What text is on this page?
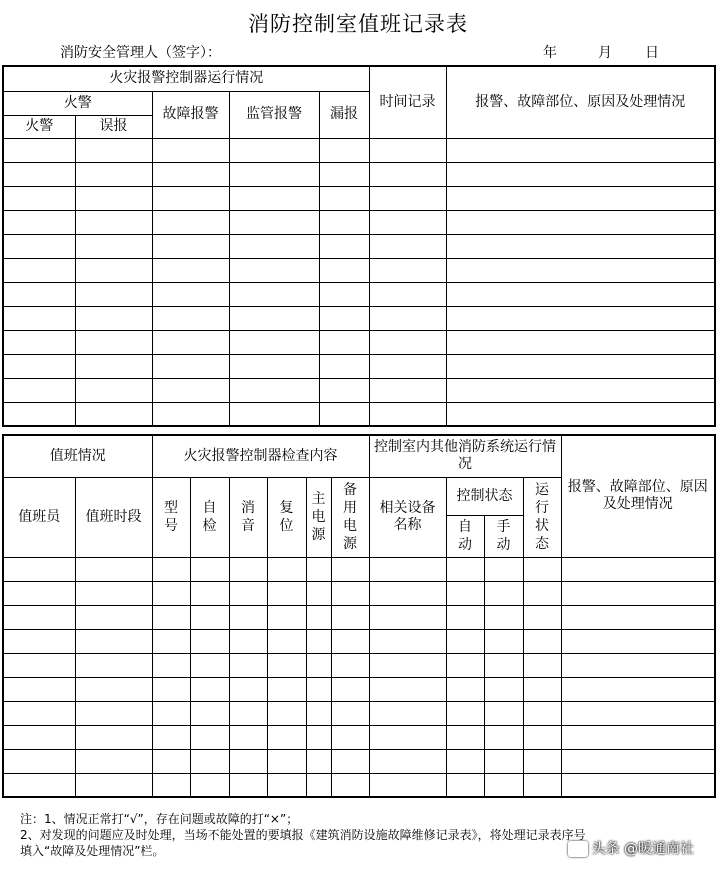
消防控制室值班记录表
消防安全管理人（签字）：	年	月 日
火灾报警控制器运行情况					时间记录	报警、故障部位、原因及处理情况
火警		故障报警	监管报警	漏报		
火警	误报					

值班情况		火灾报警控制器检查内容						控制室内其他消防系统运行情况				报警、故障部位、原因及处理情况
值班员	值班时段	型号	自检	消音	复位	主电源	备用电源	相关设备名称	控制状态		运行状态	
									自动	手动		

注：1、情况正常打“√”，存在问题或故障的打“×”；
2、对发现的问题应及时处理，当场不能处置的要填报《建筑消防设施故障维修记录表》，将处理记录表序号
填入“故障及处理情况”栏。	头条 @暖通南社
